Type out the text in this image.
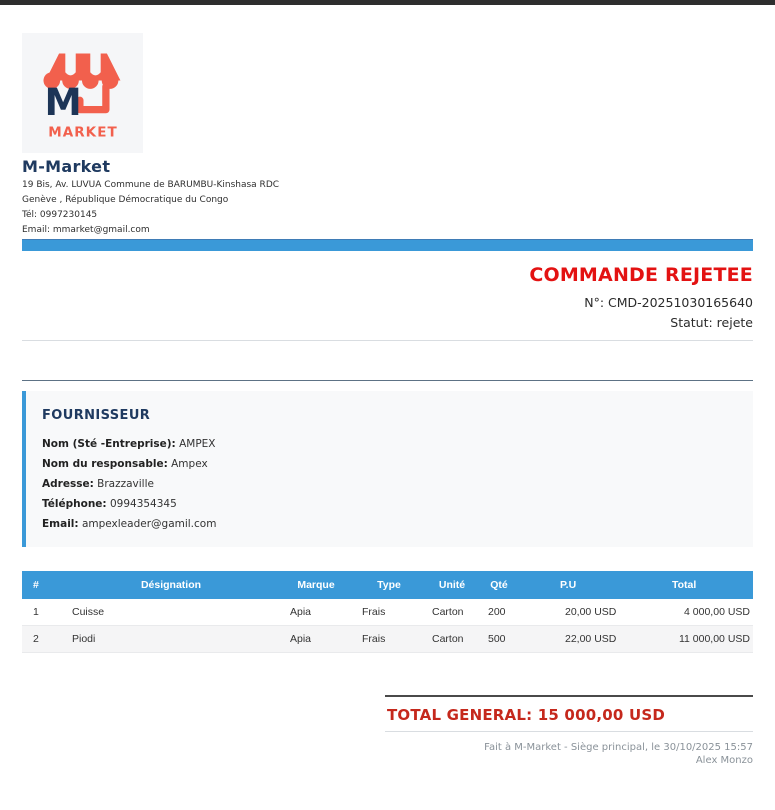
M
MARKET
M-Market
19 Bis, Av. LUVUA Commune de BARUMBU-Kinshasa RDC
Genève , République Démocratique du Congo
Tél: 0997230145
Email: mmarket@gmail.com
COMMANDE REJETEE
N°: CMD-20251030165640
Statut: rejete
FOURNISSEUR
Nom (Sté -Entreprise): AMPEX
Nom du responsable: Ampex
Adresse: Brazzaville
Téléphone: 0994354345
Email: ampexleader@gamil.com
#	Désignation	Marque	Type	Unité	Qté	P.U	Total
1	Cuisse	Apia	Frais	Carton	200	20,00 USD	4 000,00 USD
2	Piodi	Apia	Frais	Carton	500	22,00 USD	11 000,00 USD
TOTAL GENERAL: 15 000,00 USD
Fait à M-Market - Siège principal, le 30/10/2025 15:57
Alex Monzo
